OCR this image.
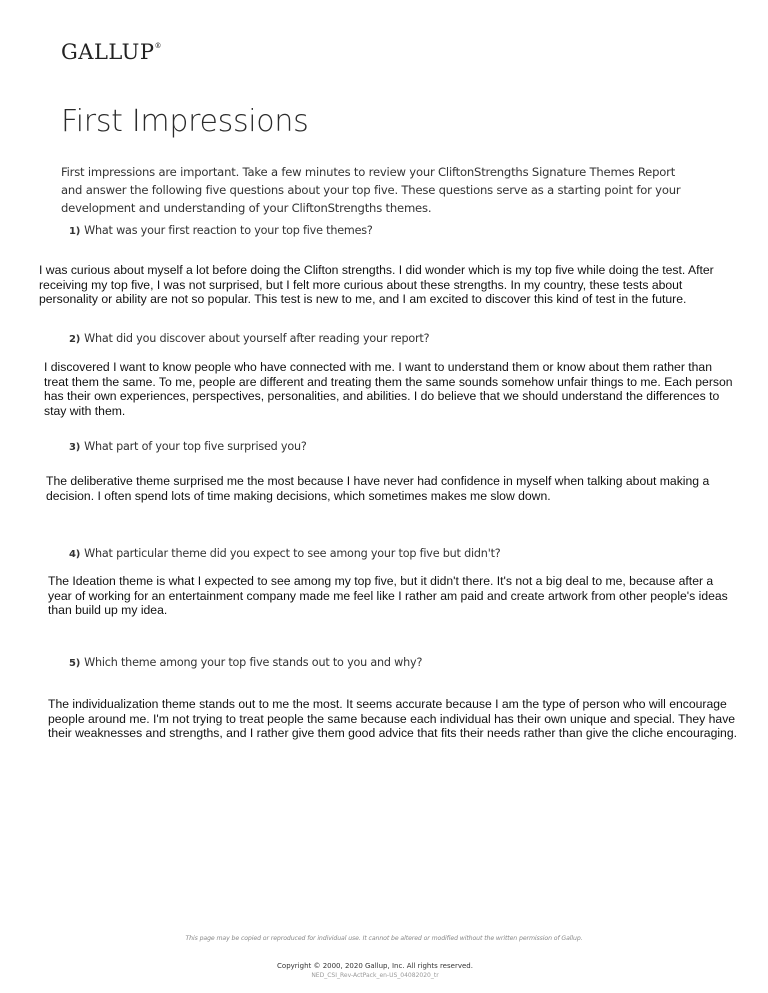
GALLUP®
First Impressions

First impressions are important. Take a few minutes to review your CliftonStrengths Signature Themes Report and answer the following five questions about your top five. These questions serve as a starting point for your development and understanding of your CliftonStrengths themes.

1) What was your first reaction to your top five themes?

I was curious about myself a lot before doing the Clifton strengths. I did wonder which is my top five while doing the test. After receiving my top five, I was not surprised, but I felt more curious about these strengths. In my country, these tests about personality or ability are not so popular. This test is new to me, and I am excited to discover this kind of test in the future.

2) What did you discover about yourself after reading your report?

I discovered I want to know people who have connected with me. I want to understand them or know about them rather than treat them the same. To me, people are different and treating them the same sounds somehow unfair things to me. Each person has their own experiences, perspectives, personalities, and abilities. I do believe that we should understand the differences to stay with them.

3) What part of your top five surprised you?

The deliberative theme surprised me the most because I have never had confidence in myself when talking about making a decision. I often spend lots of time making decisions, which sometimes makes me slow down.

4) What particular theme did you expect to see among your top five but didn't?

The Ideation theme is what I expected to see among my top five, but it didn't there. It's not a big deal to me, because after a year of working for an entertainment company made me feel like I rather am paid and create artwork from other people's ideas than build up my idea.

5) Which theme among your top five stands out to you and why?

The individualization theme stands out to me the most. It seems accurate because I am the type of person who will encourage people around me. I'm not trying to treat people the same because each individual has their own unique and special. They have their weaknesses and strengths, and I rather give them good advice that fits their needs rather than give the cliche encouraging.

This page may be copied or reproduced for individual use. It cannot be altered or modified without the written permission of Gallup.
Copyright © 2000, 2020 Gallup, Inc. All rights reserved.
NED_CSI_Rev-ActPack_en-US_04082020_tr
